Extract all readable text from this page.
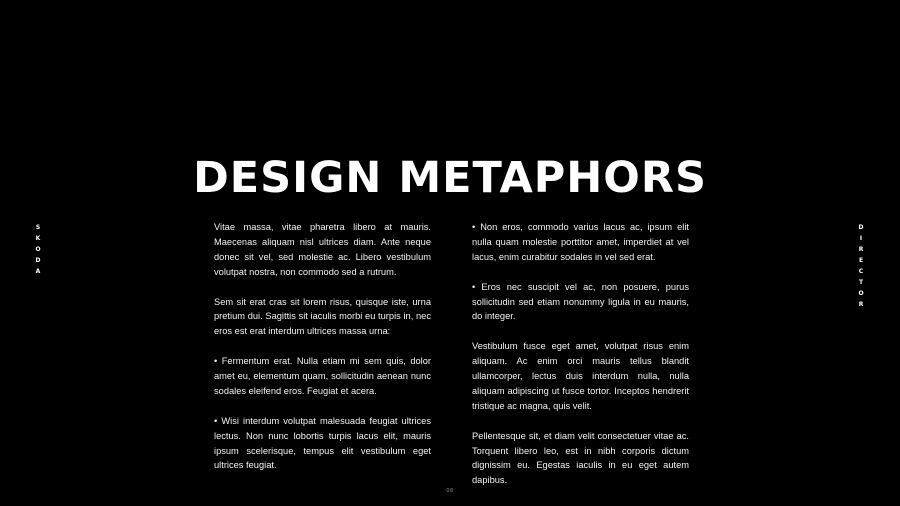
S
K
O
D
A
D
I
R
E
C
T
O
R
DESIGN METAPHORS

Vitae massa, vitae pharetra libero at mauris. Maecenas aliquam nisl ultrices diam. Ante neque donec sit vel, sed molestie ac. Libero vestibulum volutpat nostra, non commodo sed a rutrum.

Sem sit erat cras sit lorem risus, quisque iste, urna pretium dui. Sagittis sit iaculis morbi eu turpis in, nec eros est erat interdum ultrices massa urna:

• Fermentum erat. Nulla etiam mi sem quis, dolor amet eu, elementum quam, sollicitudin aenean nunc sodales eleifend eros. Feugiat et acera.

• Wisi interdum volutpat malesuada feugiat ultrices lectus. Non nunc lobortis turpis lacus elit, mauris ipsum scelerisque, tempus elit vestibulum eget ultrices feugiat.

• Non eros, commodo varius lacus ac, ipsum elit nulla quam molestie porttitor amet, imperdiet at vel lacus, enim curabitur sodales in vel sed erat.

• Eros nec suscipit vel ac, non posuere, purus sollicitudin sed etiam nonummy ligula in eu mauris, do integer.

Vestibulum fusce eget amet, volutpat risus enim aliquam. Ac enim orci mauris tellus blandit ullamcorper, lectus duis interdum nulla, nulla aliquam adipiscing ut fusce tortor. Inceptos hendrerit tristique ac magna, quis velit.

Pellentesque sit, et diam velit consectetuer vitae ac. Torquent libero leo, est in nibh corporis dictum dignissim eu. Egestas iaculis in eu eget autem dapibus.

08
